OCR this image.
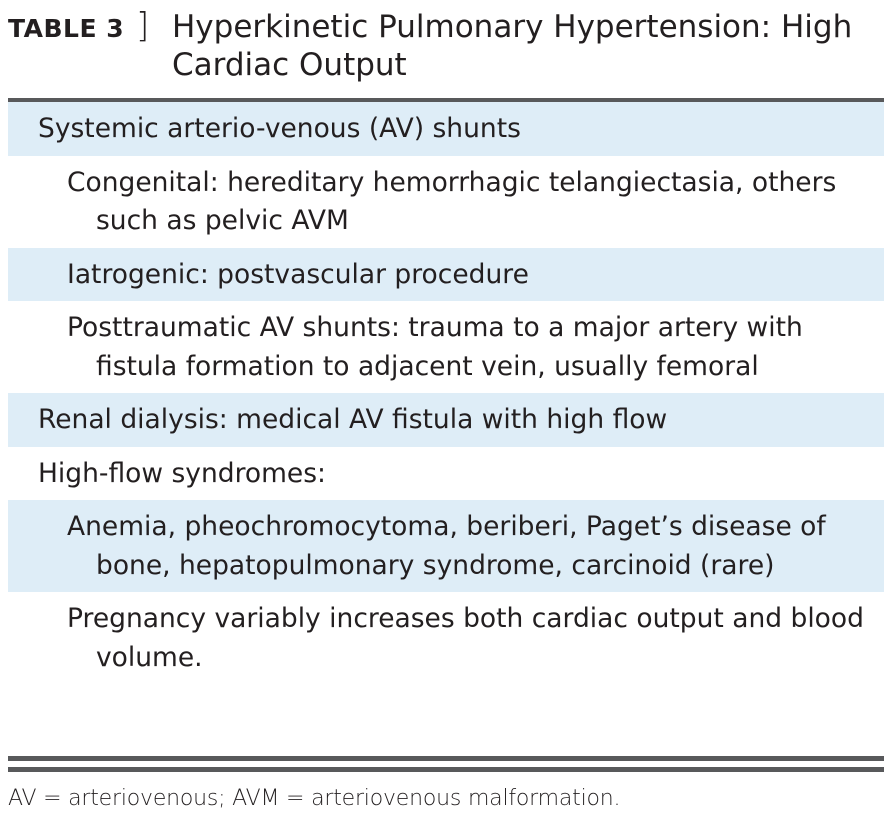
TABLE 3 ] Hyperkinetic Pulmonary Hypertension: High Cardiac Output
Systemic arterio-venous (AV) shunts
Congenital: hereditary hemorrhagic telangiectasia, others such as pelvic AVM
Iatrogenic: postvascular procedure
Posttraumatic AV shunts: trauma to a major artery with fistula formation to adjacent vein, usually femoral
Renal dialysis: medical AV fistula with high flow
High-flow syndromes:
Anemia, pheochromocytoma, beriberi, Paget’s disease of bone, hepatopulmonary syndrome, carcinoid (rare)
Pregnancy variably increases both cardiac output and blood volume.
AV = arteriovenous; AVM = arteriovenous malformation.
